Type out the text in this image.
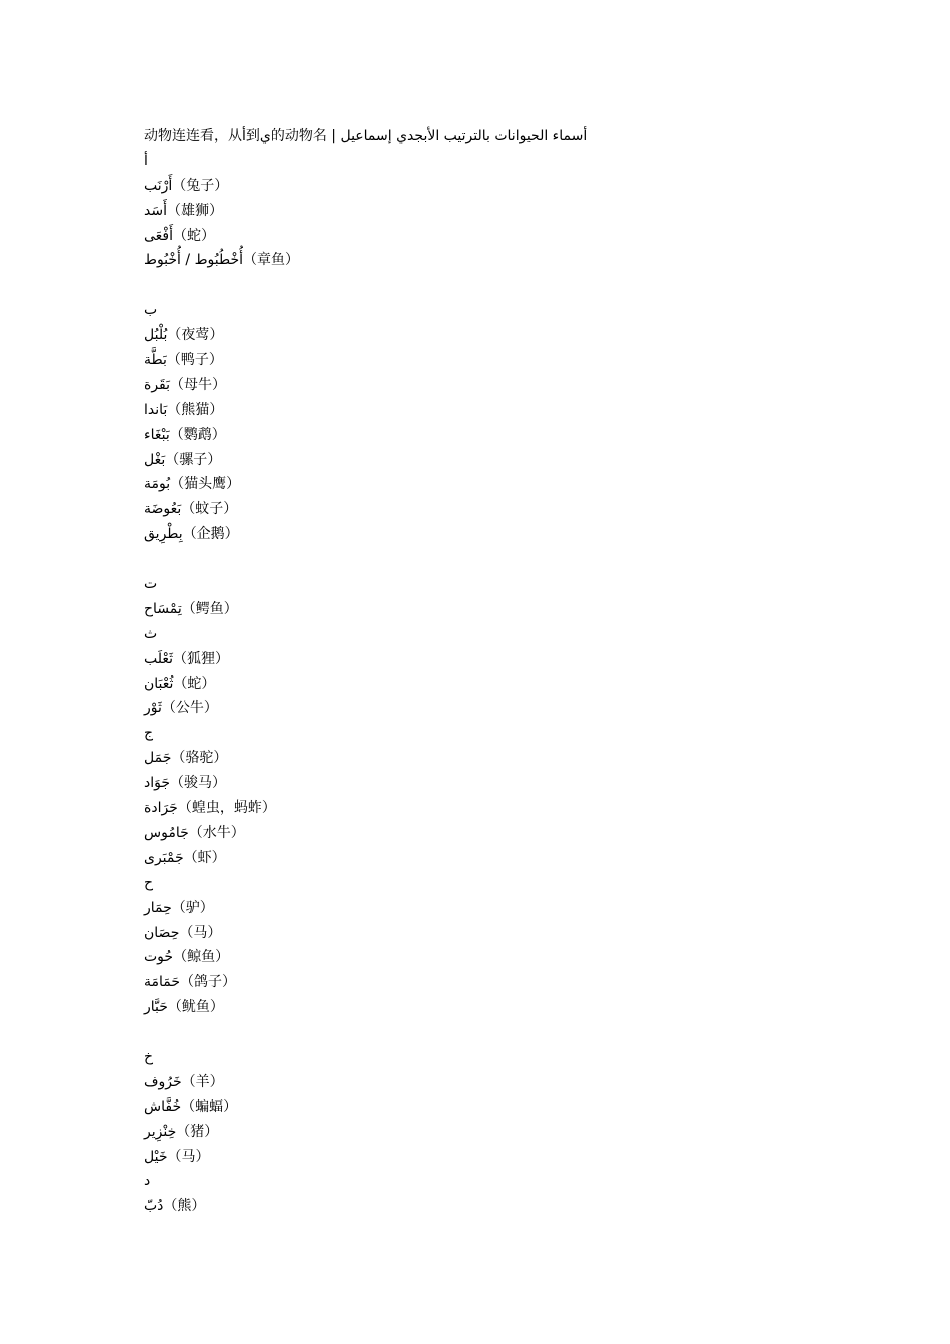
动物连连看，从أ到ي的动物名 | أسماء الحيوانات بالترتيب الأبجدي إسماعيل
أ
أَرْنَب（兔子）
أَسَد（雄狮）
أَفْعَى（蛇）
أُخْطُبُوط / أُخْبُوط（章鱼）
ب
بُلْبُل（夜莺）
بَطَّة（鸭子）
بَقَرة（母牛）
بَاندا（熊猫）
بَبْغَاء（鹦鹉）
بَغْل（骡子）
بُومَة（猫头鹰）
بَعُوضَة（蚊子）
بِطْرِيق（企鹅）
ت
تِمْسَاح（鳄鱼）
ث
ثَعْلَب（狐狸）
ثُعْبَان（蛇）
ثَوْر（公牛）
ج
جَمَل（骆驼）
جَوَاد（骏马）
جَرَادة（蝗虫，蚂蚱）
جَامُوس（水牛）
جَمْبَرى（虾）
ح
حِمَار（驴）
حِصَان（马）
حُوت（鲸鱼）
حَمَامَة（鸽子）
حَبَّار（鱿鱼）
خ
خَرُوف（羊）
خُفَّاش（蝙蝠）
خِنْزِير（猪）
خَيْل（马）
د
دُبّ（熊）
